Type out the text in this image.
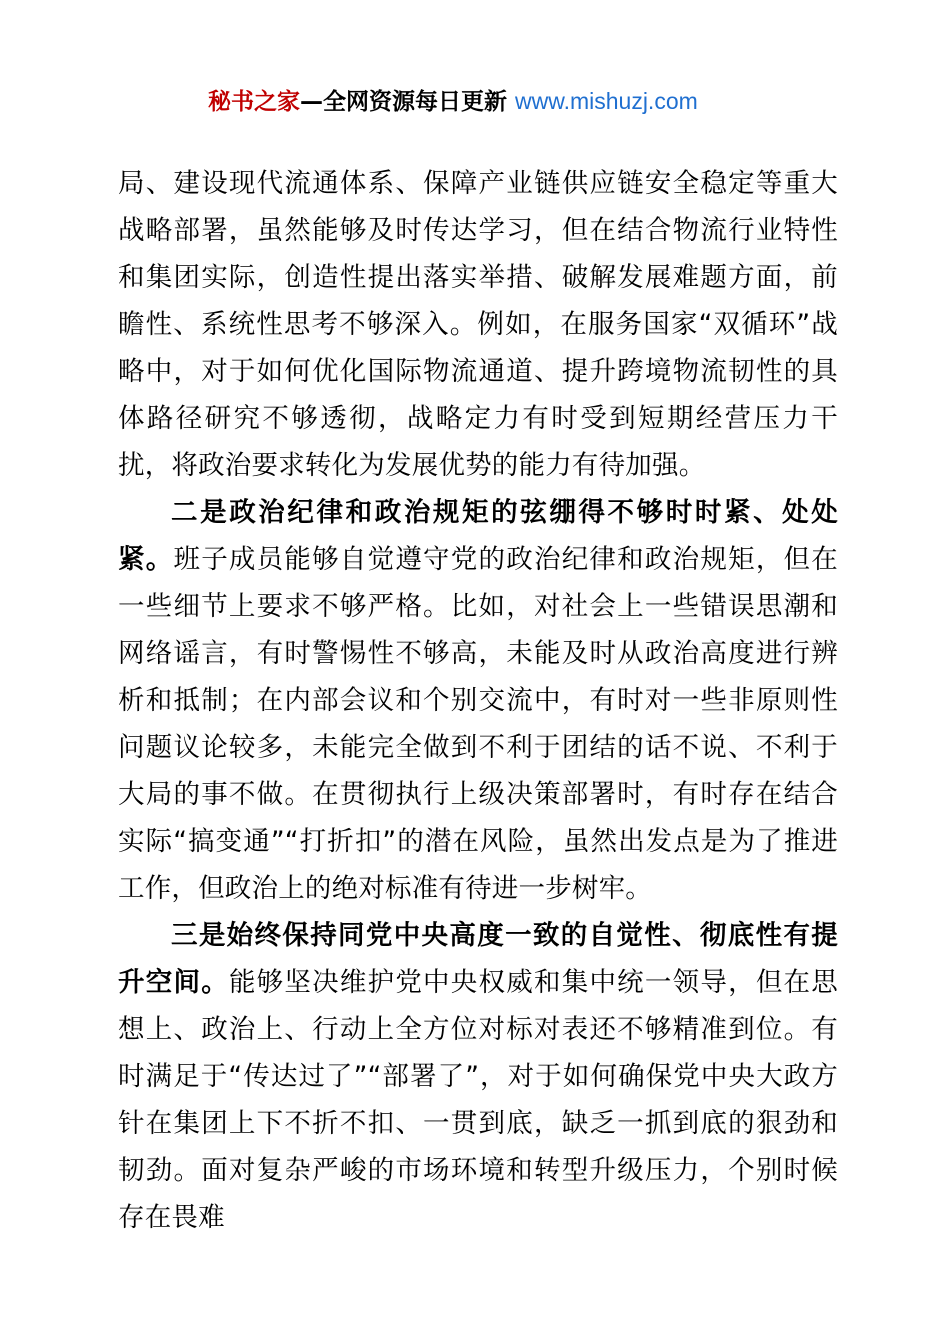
秘书之家—全网资源每日更新 www.mishuzj.com

局、建设现代流通体系、保障产业链供应链安全稳定等重大战略部署，虽然能够及时传达学习，但在结合物流行业特性和集团实际，创造性提出落实举措、破解发展难题方面，前瞻性、系统性思考不够深入。例如，在服务国家“双循环”战略中，对于如何优化国际物流通道、提升跨境物流韧性的具体路径研究不够透彻，战略定力有时受到短期经营压力干扰，将政治要求转化为发展优势的能力有待加强。

二是政治纪律和政治规矩的弦绷得不够时时紧、处处紧。班子成员能够自觉遵守党的政治纪律和政治规矩，但在一些细节上要求不够严格。比如，对社会上一些错误思潮和网络谣言，有时警惕性不够高，未能及时从政治高度进行辨析和抵制；在内部会议和个别交流中，有时对一些非原则性问题议论较多，未能完全做到不利于团结的话不说、不利于大局的事不做。在贯彻执行上级决策部署时，有时存在结合实际“搞变通”“打折扣”的潜在风险，虽然出发点是为了推进工作，但政治上的绝对标准有待进一步树牢。

三是始终保持同党中央高度一致的自觉性、彻底性有提升空间。能够坚决维护党中央权威和集中统一领导，但在思想上、政治上、行动上全方位对标对表还不够精准到位。有时满足于“传达过了”“部署了”，对于如何确保党中央大政方针在集团上下不折不扣、一贯到底，缺乏一抓到底的狠劲和韧劲。面对复杂严峻的市场环境和转型升级压力，个别时候存在畏难
